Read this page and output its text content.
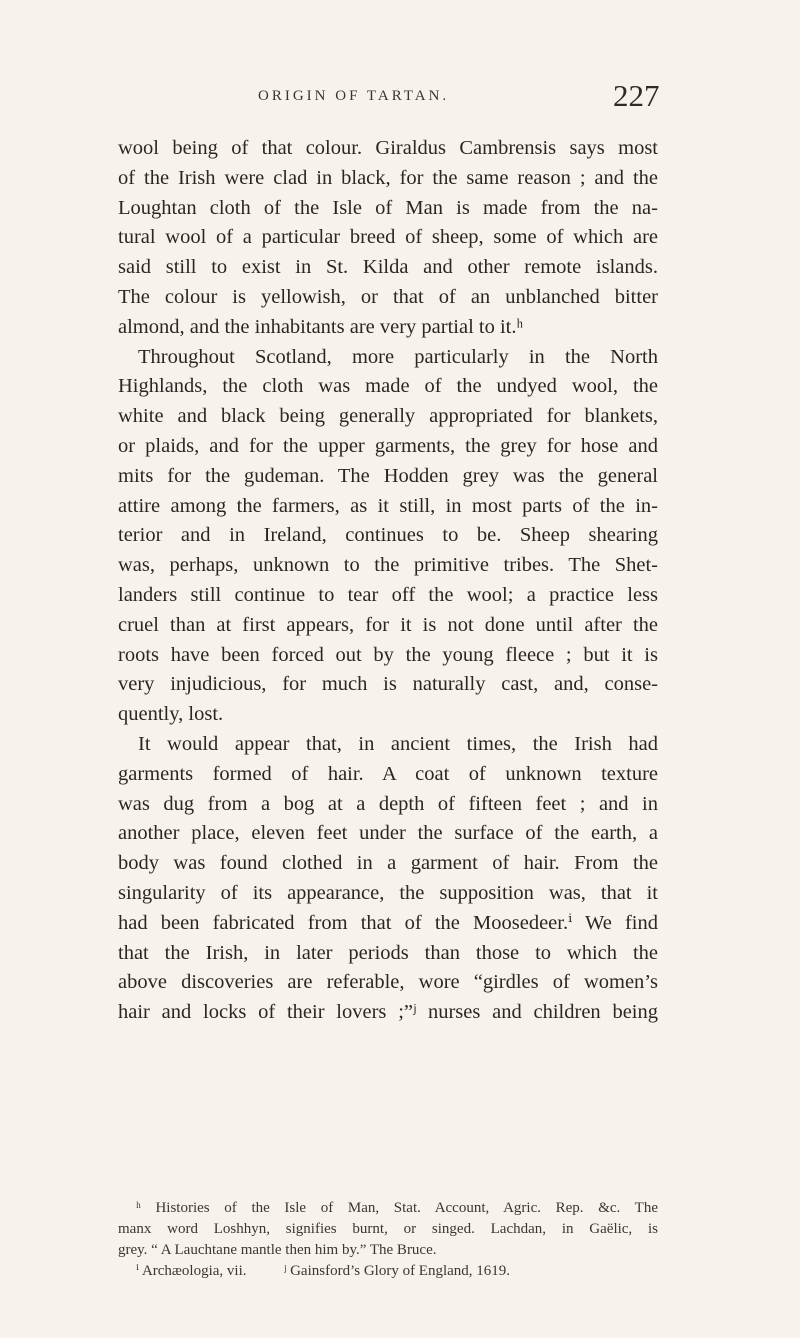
ORIGIN OF TARTAN.	227
wool being of that colour. Giraldus Cambrensis says most
of the Irish were clad in black, for the same reason ; and the
Loughtan cloth of the Isle of Man is made from the na-
tural wool of a particular breed of sheep, some of which are
said still to exist in St. Kilda and other remote islands.
The colour is yellowish, or that of an unblanched bitter
almond, and the inhabitants are very partial to it.ʰ
Throughout Scotland, more particularly in the North
Highlands, the cloth was made of the undyed wool, the
white and black being generally appropriated for blankets,
or plaids, and for the upper garments, the grey for hose and
mits for the gudeman. The Hodden grey was the general
attire among the farmers, as it still, in most parts of the in-
terior and in Ireland, continues to be. Sheep shearing
was, perhaps, unknown to the primitive tribes. The Shet-
landers still continue to tear off the wool; a practice less
cruel than at first appears, for it is not done until after the
roots have been forced out by the young fleece ; but it is
very injudicious, for much is naturally cast, and, conse-
quently, lost.
It would appear that, in ancient times, the Irish had
garments formed of hair. A coat of unknown texture
was dug from a bog at a depth of fifteen feet ; and in
another place, eleven feet under the surface of the earth, a
body was found clothed in a garment of hair. From the
singularity of its appearance, the supposition was, that it
had been fabricated from that of the Moosedeer.ⁱ We find
that the Irish, in later periods than those to which the
above discoveries are referable, wore “girdles of women’s
hair and locks of their lovers ;”ʲ nurses and children being
ʰ Histories of the Isle of Man, Stat. Account, Agric. Rep. &c. The
manx word Loshhyn, signifies burnt, or singed. Lachdan, in Gaëlic, is
grey. “ A Lauchtane mantle then him by.” The Bruce.
ⁱ Archæologia, vii. ʲ Gainsford’s Glory of England, 1619.
